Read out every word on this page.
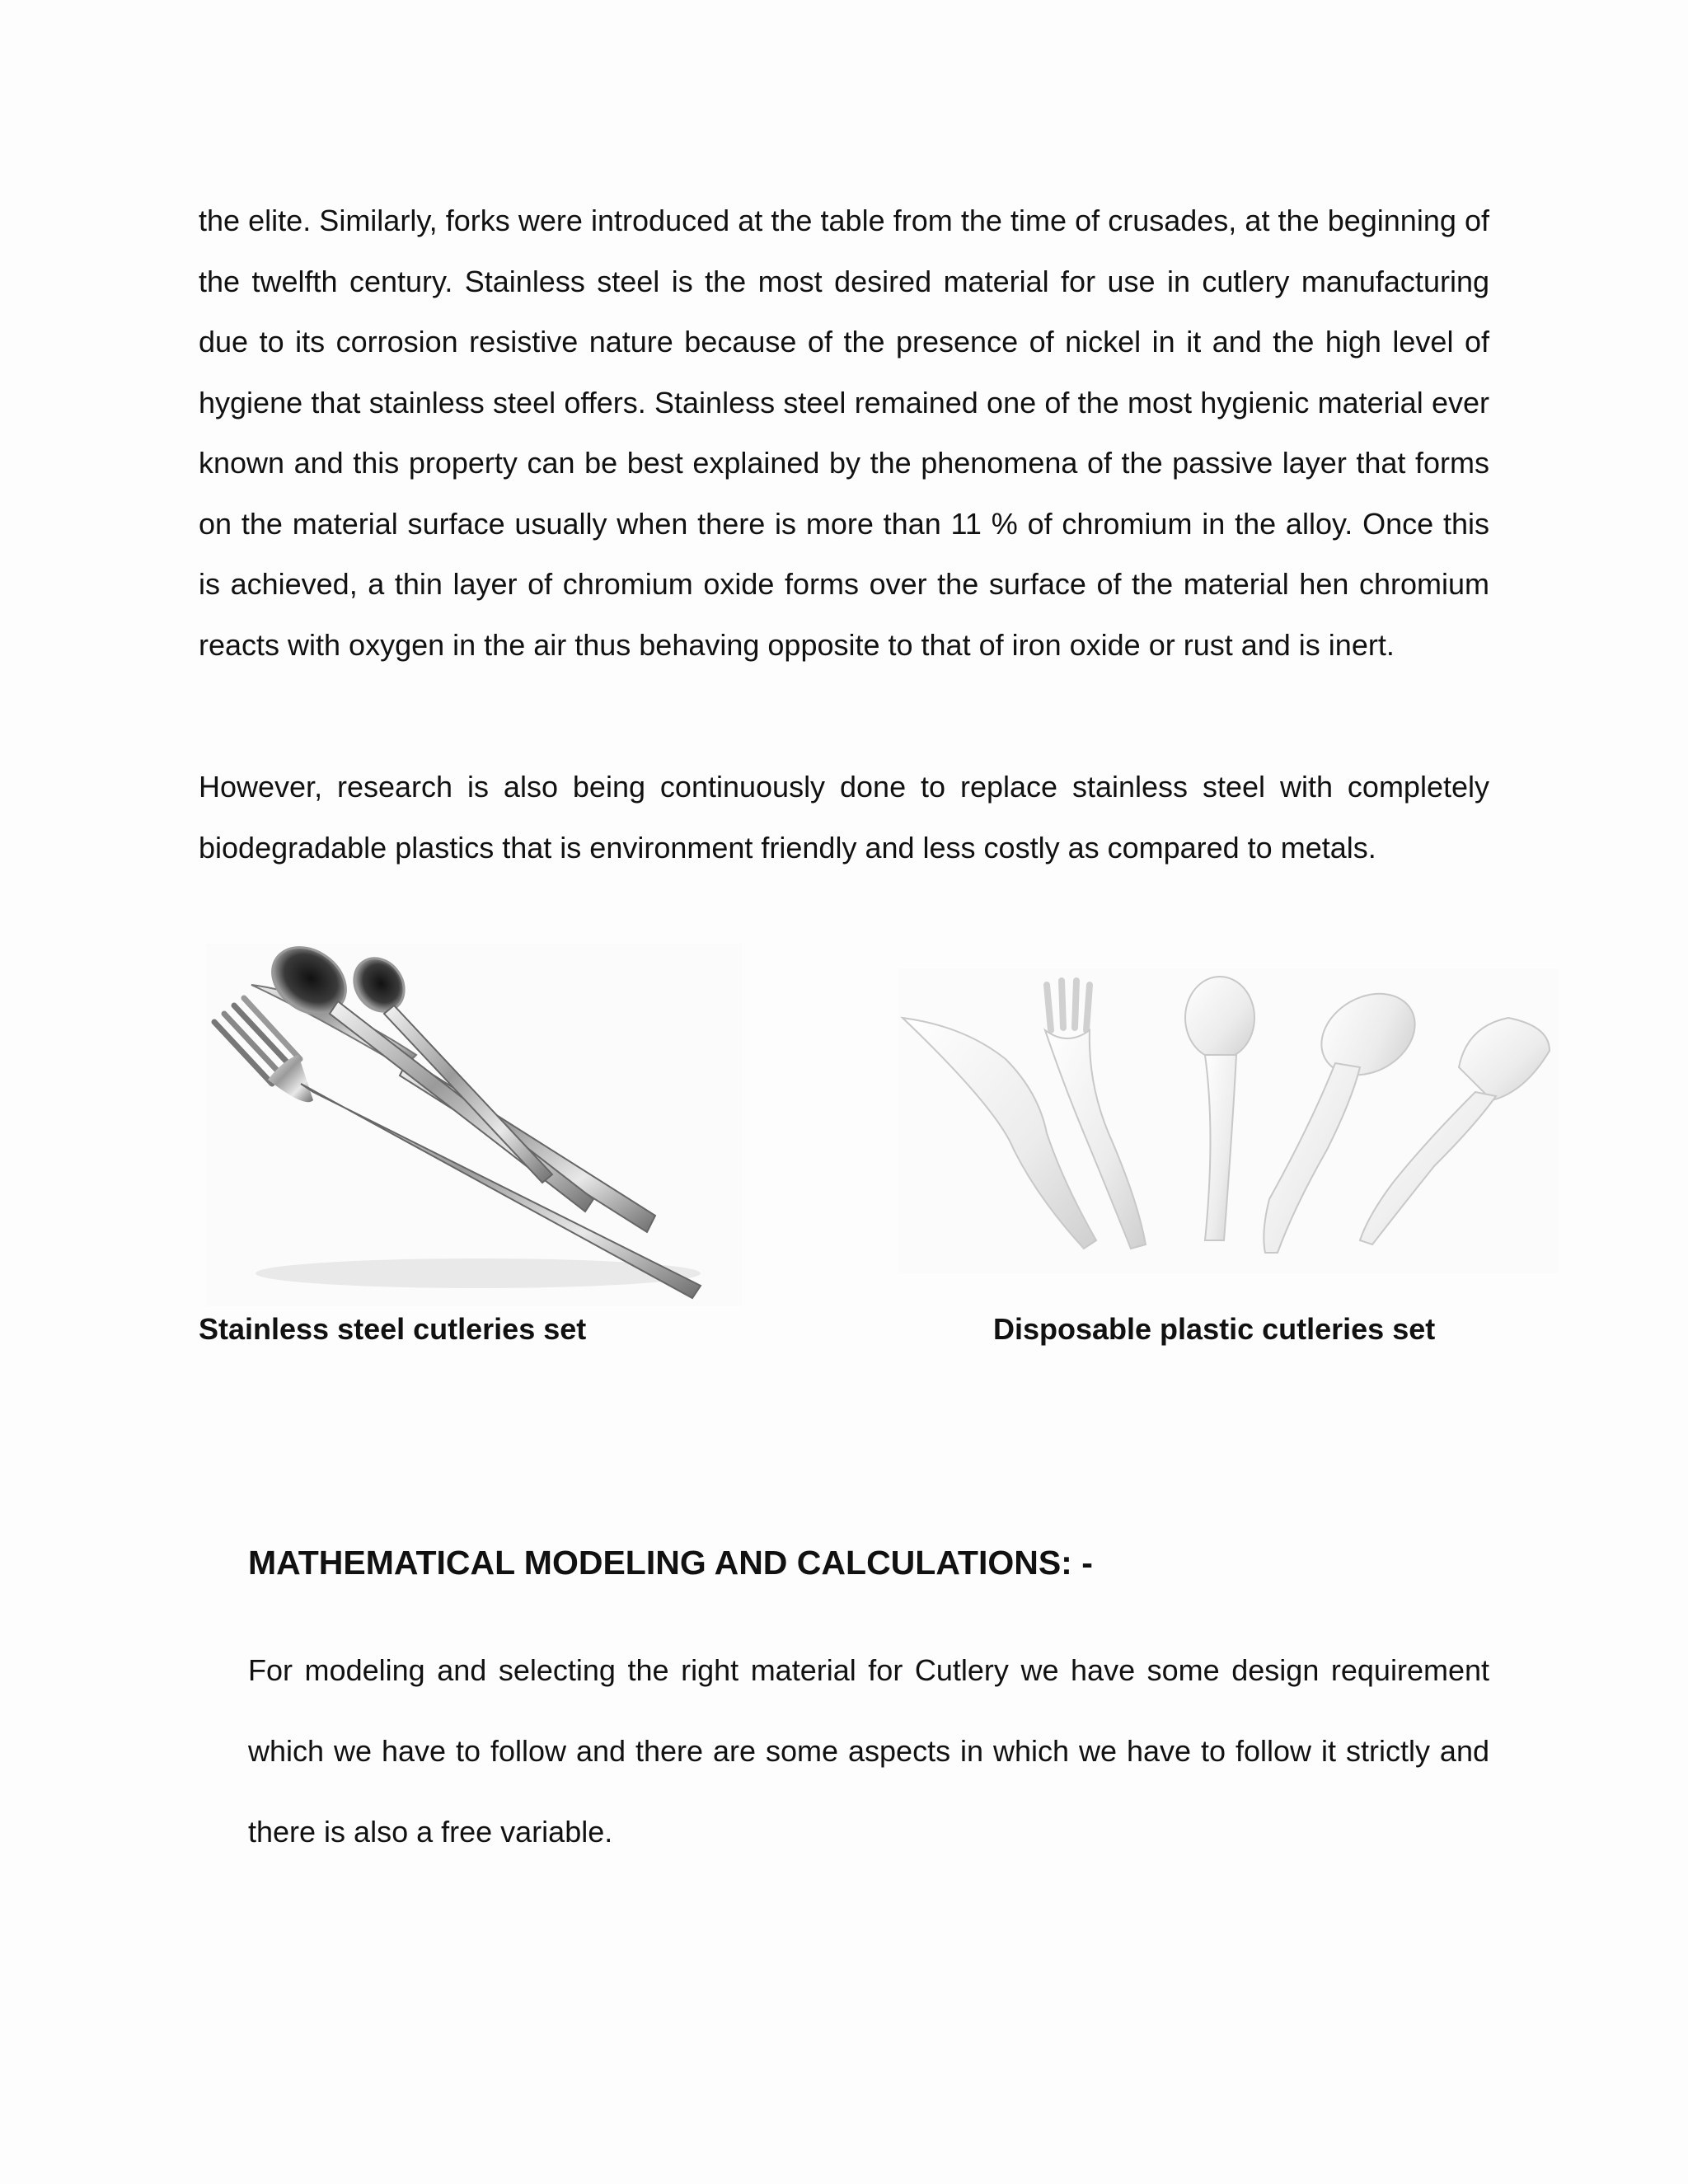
the elite. Similarly, forks were introduced at the table from the time of crusades, at the beginning of the twelfth century. Stainless steel is the most desired material for use in cutlery manufacturing due to its corrosion resistive nature because of the presence of nickel in it and the high level of hygiene that stainless steel offers. Stainless steel remained one of the most hygienic material ever known and this property can be best explained by the phenomena of the passive layer that forms on the material surface usually when there is more than 11 % of chromium in the alloy. Once this is achieved, a thin layer of chromium oxide forms over the surface of the material hen chromium reacts with oxygen in the air thus behaving opposite to that of iron oxide or rust and is inert.

However, research is also being continuously done to replace stainless steel with completely biodegradable plastics that is environment friendly and less costly as compared to metals.

Stainless steel cutleries set	Disposable plastic cutleries set

MATHEMATICAL MODELING AND CALCULATIONS: -

For modeling and selecting the right material for Cutlery we have some design requirement which we have to follow and there are some aspects in which we have to follow it strictly and there is also a free variable.
